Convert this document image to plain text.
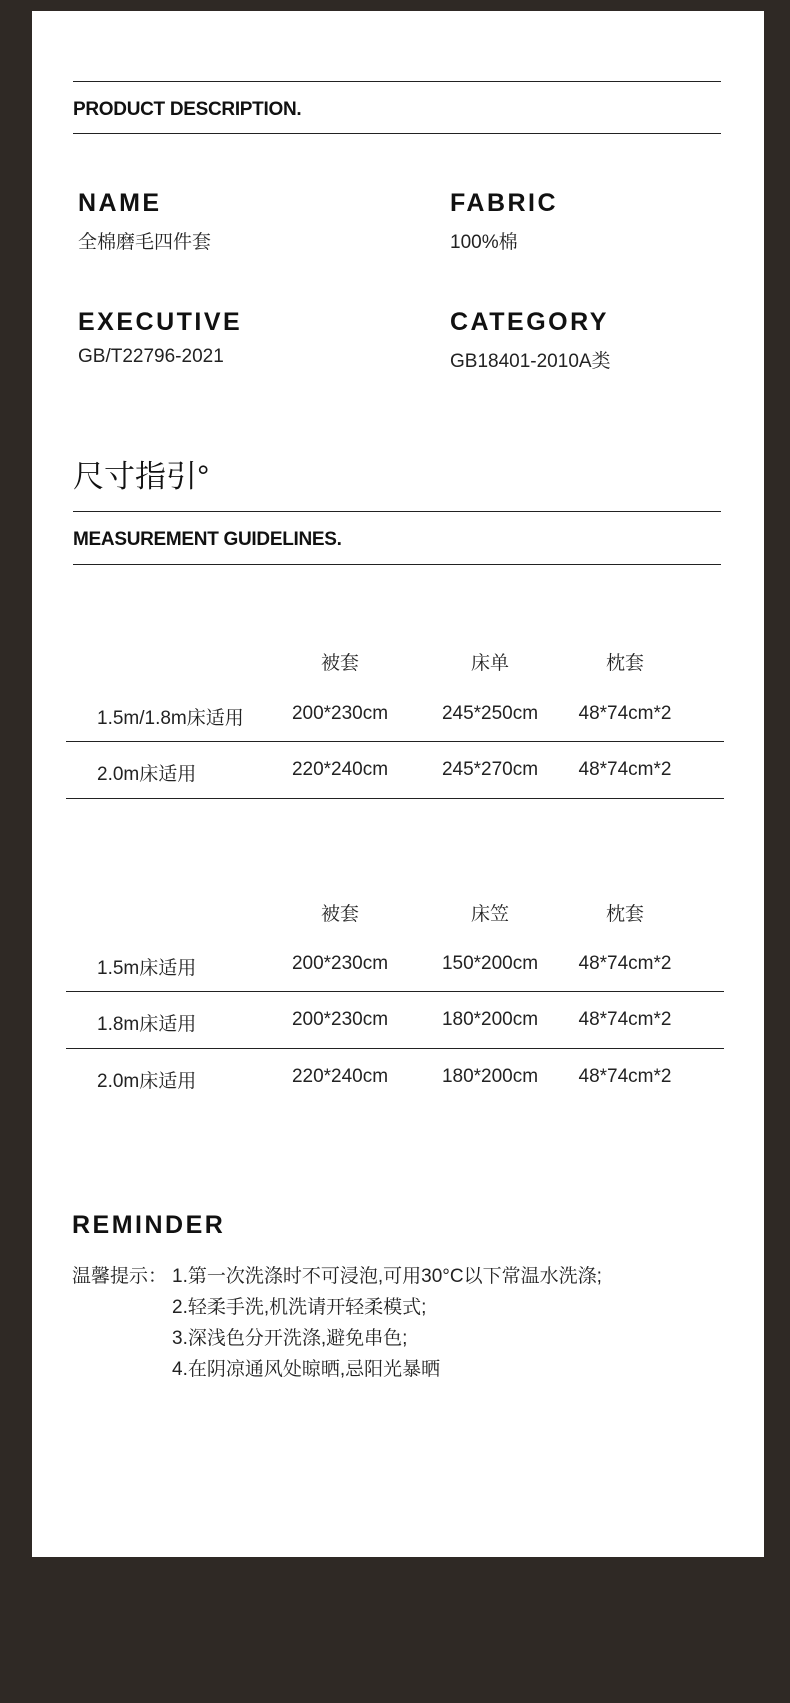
PRODUCT DESCRIPTION.
NAME
全棉磨毛四件套
FABRIC
100%棉
EXECUTIVE
GB/T22796-2021
CATEGORY
GB18401-2010A类
尺寸指引°
MEASUREMENT GUIDELINES.
被套	床单	枕套
1.5m/1.8m床适用	200*230cm	245*250cm	48*74cm*2
2.0m床适用	220*240cm	245*270cm	48*74cm*2
被套	床笠	枕套
1.5m床适用	200*230cm	150*200cm	48*74cm*2
1.8m床适用	200*230cm	180*200cm	48*74cm*2
2.0m床适用	220*240cm	180*200cm	48*74cm*2
REMINDER
温馨提示： 1.第一次洗涤时不可浸泡,可用30°C以下常温水洗涤;
2.轻柔手洗,机洗请开轻柔模式;
3.深浅色分开洗涤,避免串色;
4.在阴凉通风处晾晒,忌阳光暴晒
